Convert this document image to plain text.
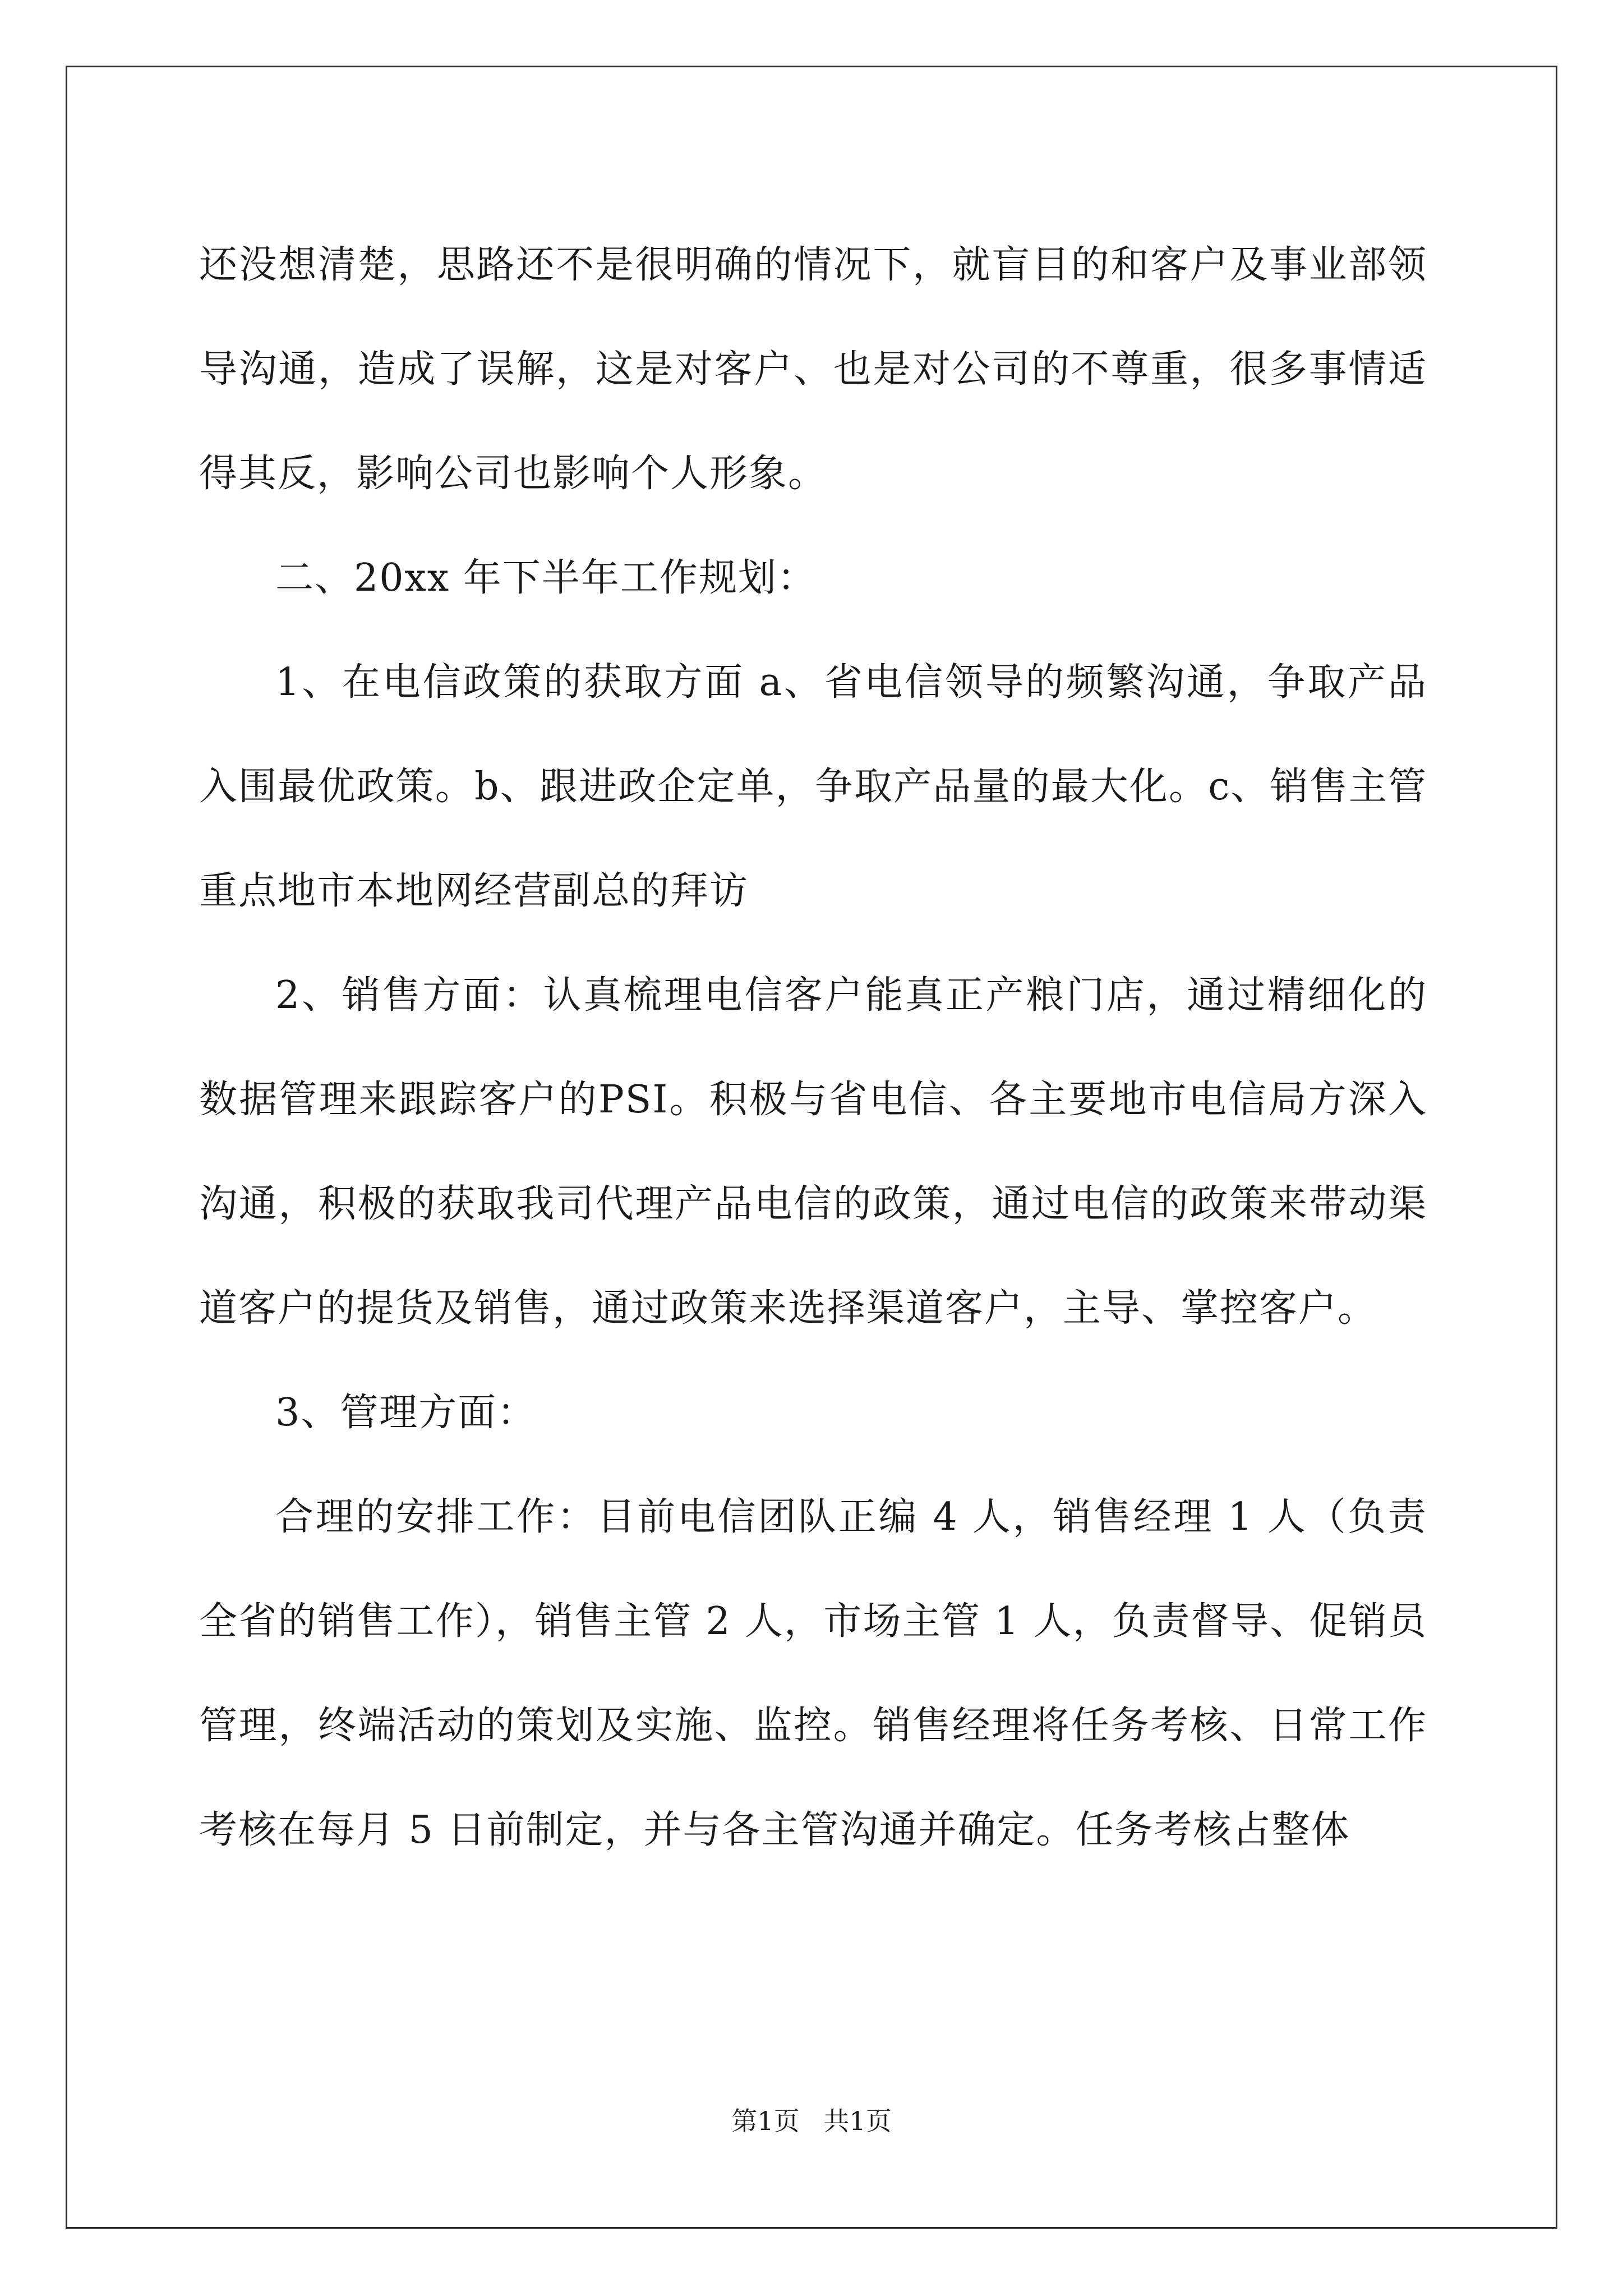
还没想清楚，思路还不是很明确的情况下，就盲目的和客户及事业部领导沟通，造成了误解，这是对客户、也是对公司的不尊重，很多事情适得其反，影响公司也影响个人形象。

二、20xx 年下半年工作规划：

1、在电信政策的获取方面 a、省电信领导的频繁沟通，争取产品入围最优政策。b、跟进政企定单，争取产品量的最大化。c、销售主管重点地市本地网经营副总的拜访

2、销售方面：认真梳理电信客户能真正产粮门店，通过精细化的数据管理来跟踪客户的PSI。积极与省电信、各主要地市电信局方深入沟通，积极的获取我司代理产品电信的政策，通过电信的政策来带动渠道客户的提货及销售，通过政策来选择渠道客户，主导、掌控客户。

3、管理方面：

合理的安排工作：目前电信团队正编 4 人，销售经理 1 人（负责全省的销售工作），销售主管 2 人，市场主管 1 人，负责督导、促销员管理，终端活动的策划及实施、监控。销售经理将任务考核、日常工作考核在每月 5 日前制定，并与各主管沟通并确定。任务考核占整体

第1页 共1页
